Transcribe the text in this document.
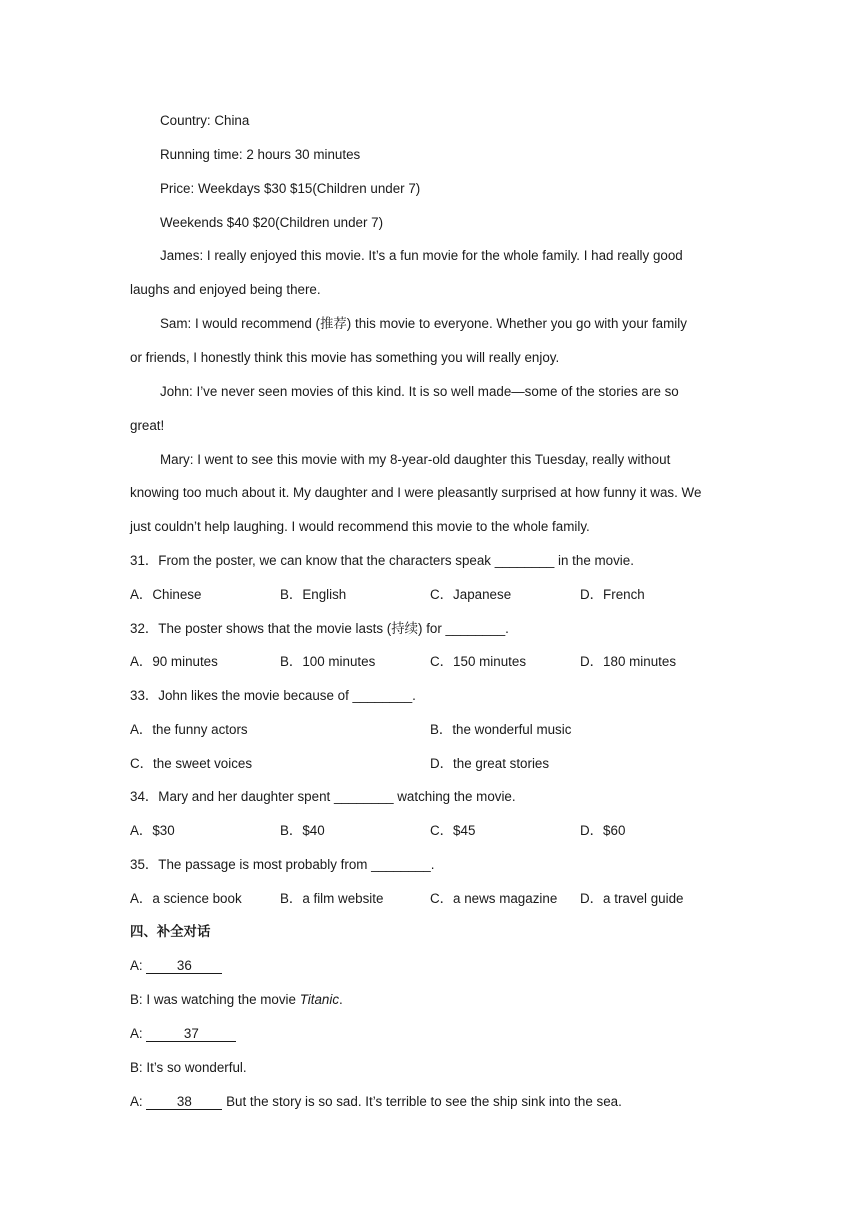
Country: China
Running time: 2 hours 30 minutes
Price: Weekdays $30 $15(Children under 7)
Weekends $40 $20(Children under 7)
James: I really enjoyed this movie. It’s a fun movie for the whole family. I had really good
laughs and enjoyed being there.
Sam: I would recommend (推荐) this movie to everyone. Whether you go with your family
or friends, I honestly think this movie has something you will really enjoy.
John: I’ve never seen movies of this kind. It is so well made—some of the stories are so
great!
Mary: I went to see this movie with my 8-year-old daughter this Tuesday, really without
knowing too much about it. My daughter and I were pleasantly surprised at how funny it was. We
just couldn’t help laughing. I would recommend this movie to the whole family.
31．From the poster, we can know that the characters speak ________ in the movie.
A．Chinese	B．English	C．Japanese	D．French
32．The poster shows that the movie lasts (持续) for ________.
A．90 minutes	B．100 minutes	C．150 minutes	D．180 minutes
33．John likes the movie because of ________.
A．the funny actors	B．the wonderful music
C．the sweet voices	D．the great stories
34．Mary and her daughter spent ________ watching the movie.
A．$30	B．$40	C．$45	D．$60
35．The passage is most probably from ________.
A．a science book	B．a film website	C．a news magazine D．a travel guide
四、补全对话
A: 36
B: I was watching the movie Titanic.
A:	37
B: It’s so wonderful.
A: 38 But the story is so sad. It’s terrible to see the ship sink into the sea.
